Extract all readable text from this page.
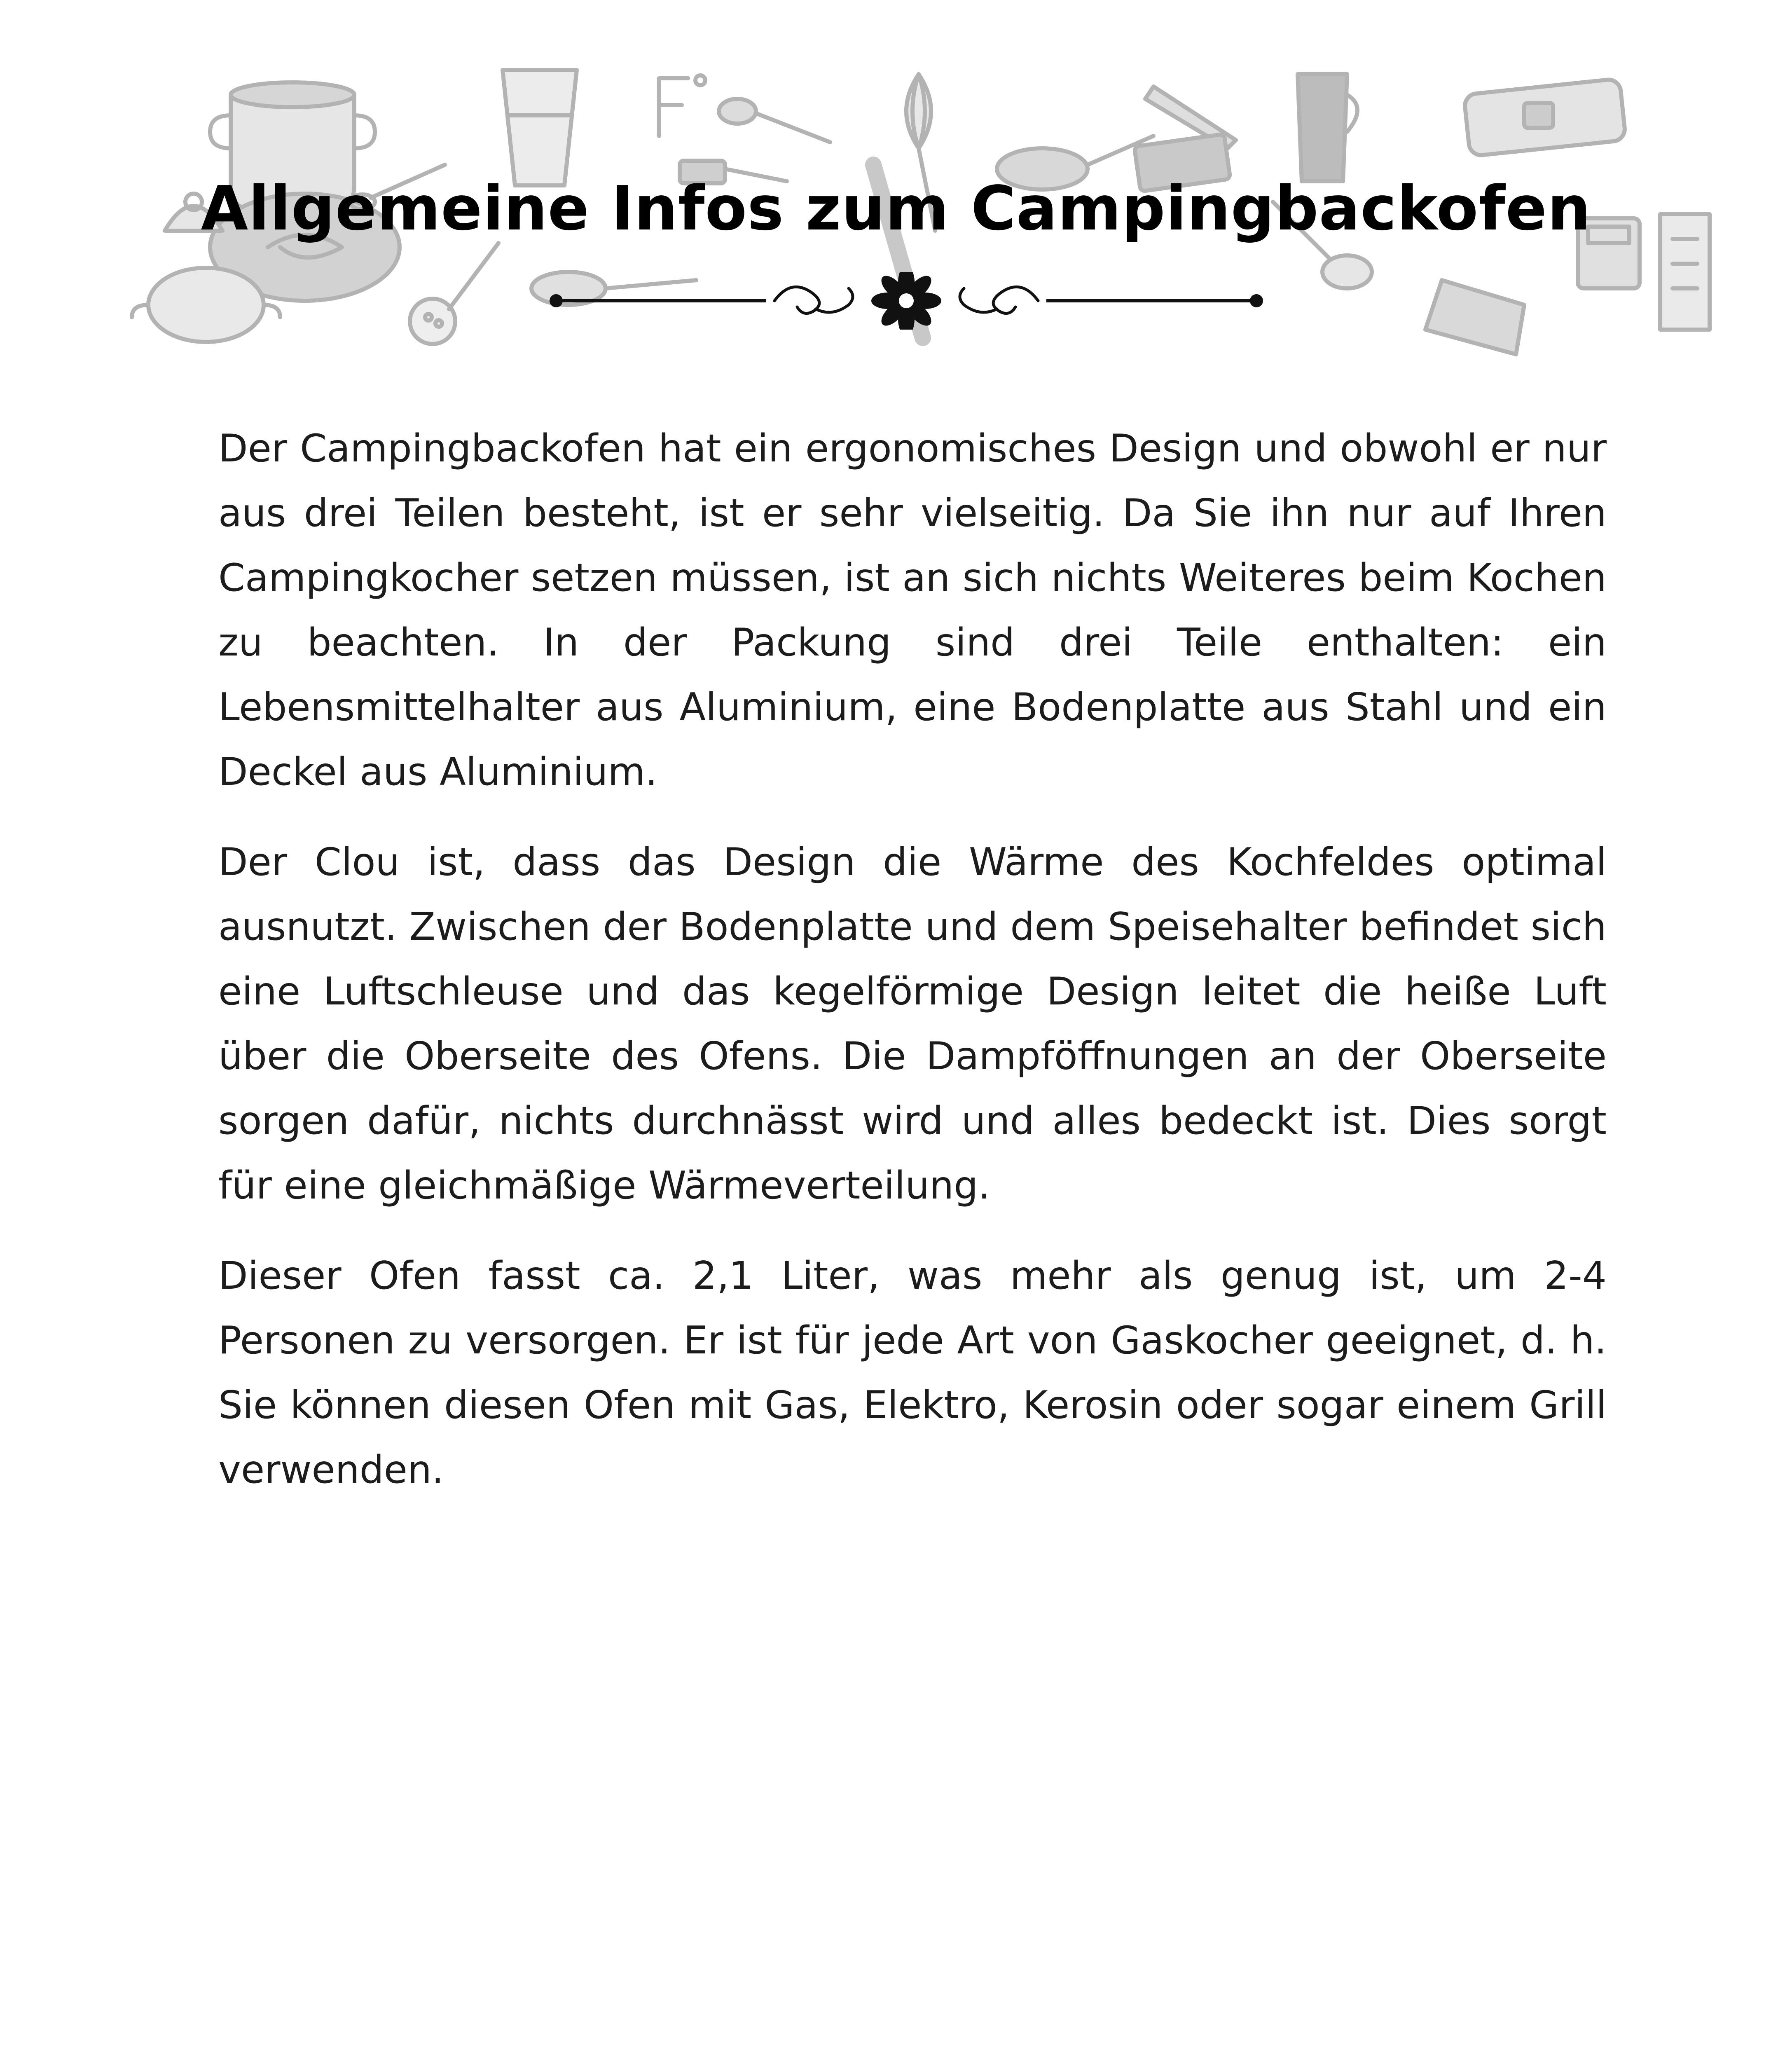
Allgemeine Infos zum Campingbackofen

Der Campingbackofen hat ein ergonomisches Design und obwohl er nur aus drei Teilen besteht, ist er sehr vielseitig. Da Sie ihn nur auf Ihren Campingkocher setzen müssen, ist an sich nichts Weiteres beim Kochen zu beachten. In der Packung sind drei Teile enthalten: ein Lebensmittelhalter aus Aluminium, eine Bodenplatte aus Stahl und ein Deckel aus Aluminium.

Der Clou ist, dass das Design die Wärme des Kochfeldes optimal ausnutzt. Zwischen der Bodenplatte und dem Speisehalter befindet sich eine Luftschleuse und das kegelförmige Design leitet die heiße Luft über die Oberseite des Ofens. Die Dampföffnungen an der Oberseite sorgen dafür, nichts durchnässt wird und alles bedeckt ist. Dies sorgt für eine gleichmäßige Wärmeverteilung.

Dieser Ofen fasst ca. 2,1 Liter, was mehr als genug ist, um 2-4 Personen zu versorgen. Er ist für jede Art von Gaskocher geeignet, d. h. Sie können diesen Ofen mit Gas, Elektro, Kerosin oder sogar einem Grill verwenden.
